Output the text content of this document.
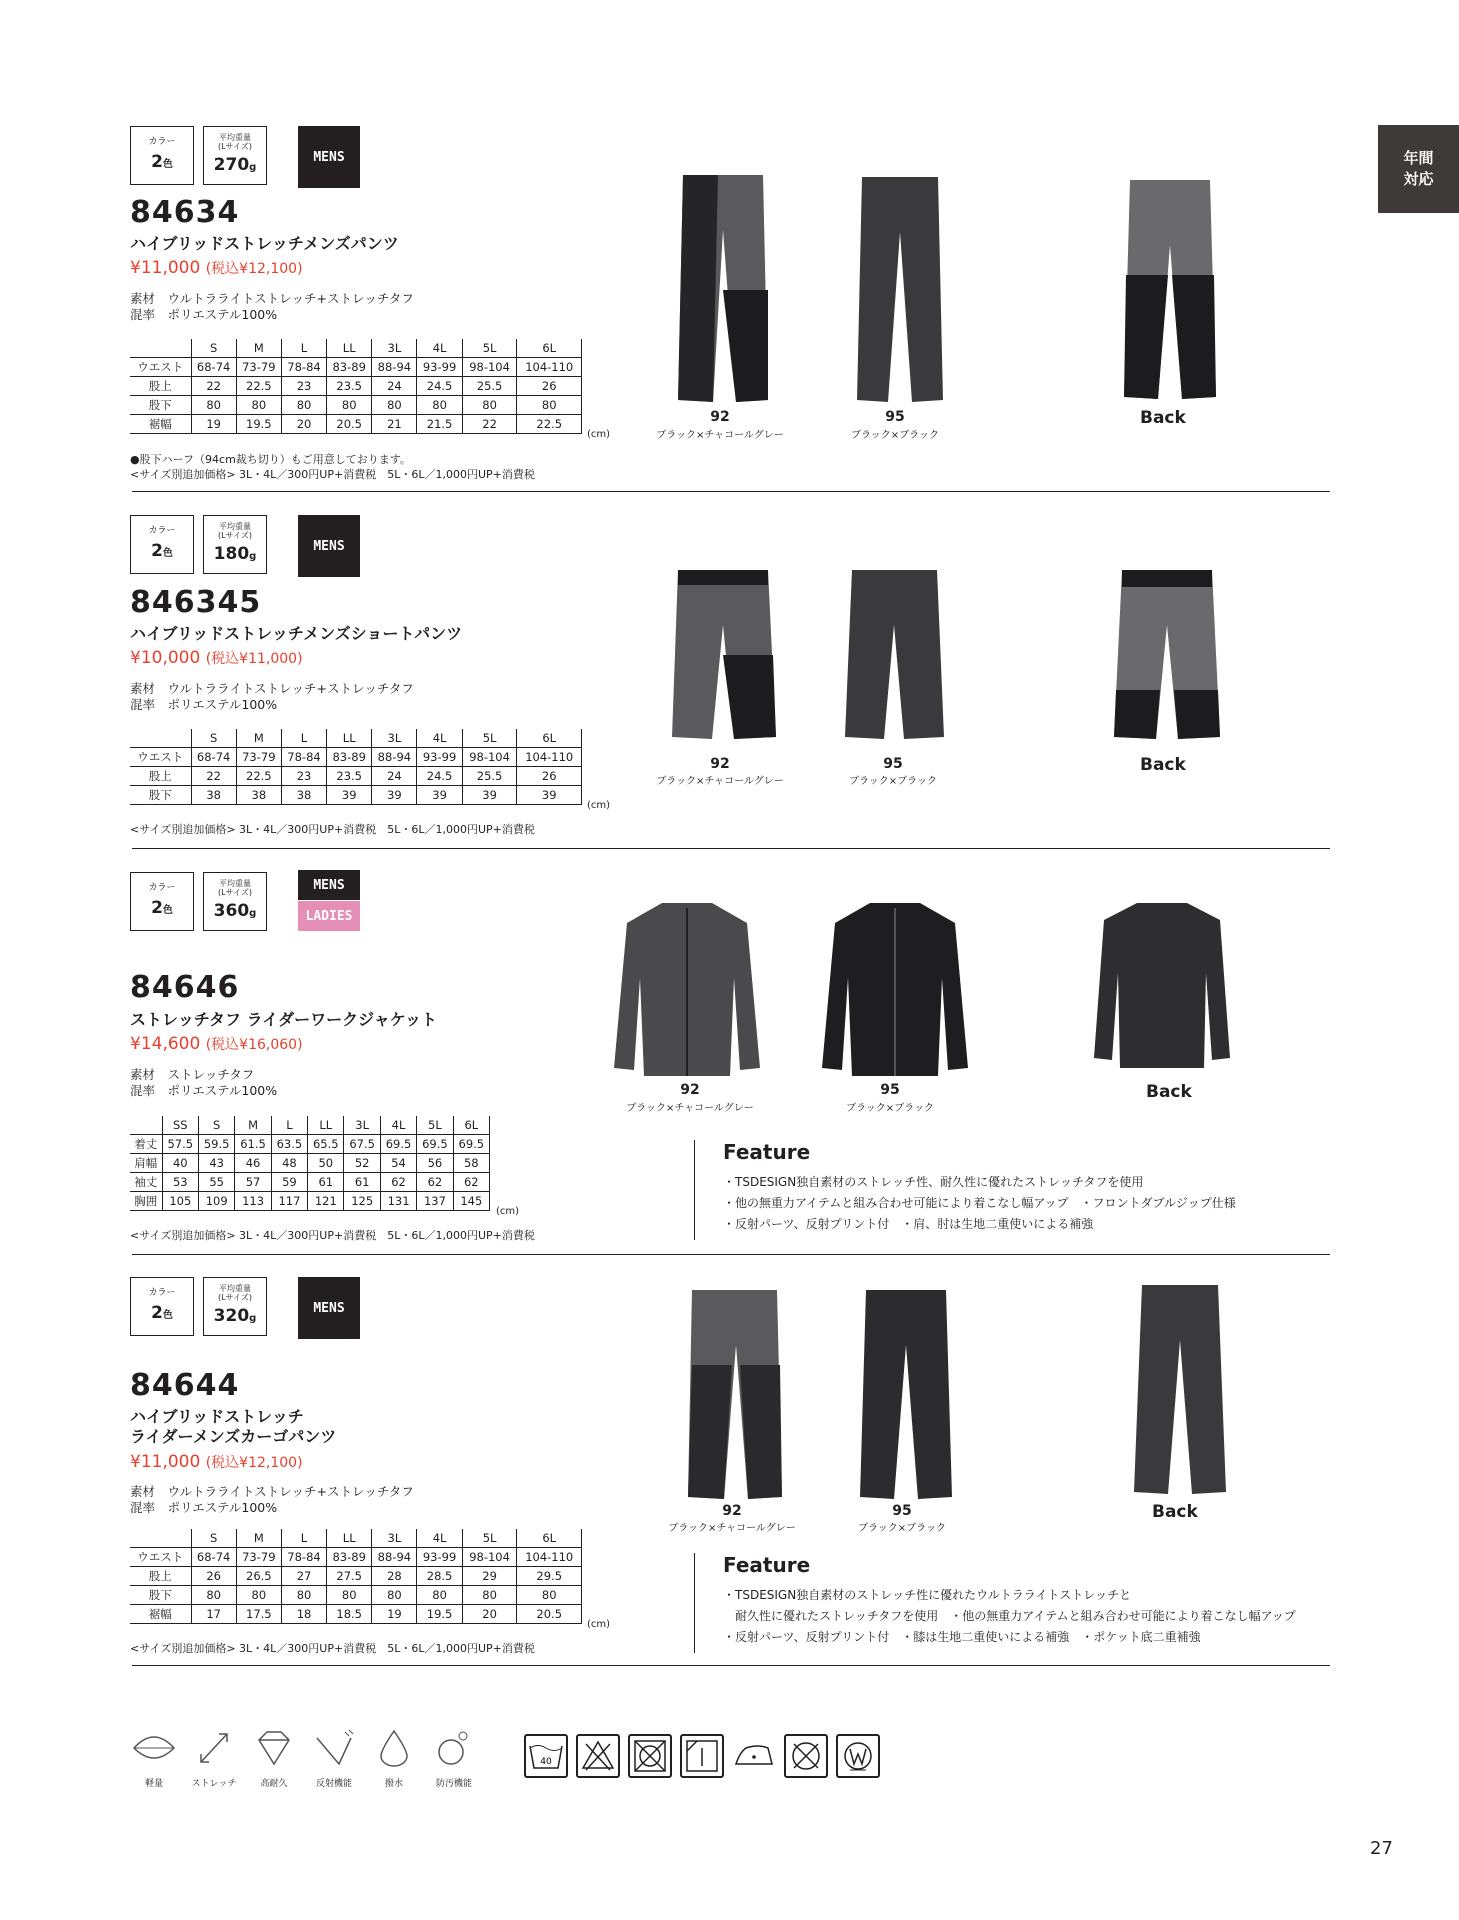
年間
対応
カラー
2色
平均重量
(Lサイズ)
270g
MENS
84634
ハイブリッドストレッチメンズパンツ
¥11,000 (税込¥12,100)
素材　 ウルトラライトストレッチ+ストレッチタフ
混率　 ポリエステル100%
	S	M	L	LL	3L	4L	5L	6L
ウエスト	68-74	73-79	78-84	83-89	88-94	93-99	98-104	104-110
股上	22	22.5	23	23.5	24	24.5	25.5	26
股下	80	80	80	80	80	80	80	80
裾幅	19	19.5	20	20.5	21	21.5	22	22.5
(cm)
●股下ハーフ（94cm裁ち切り）もご用意しております。
<サイズ別追加価格> 3L・4L／300円UP+消費税　5L・6L／1,000円UP+消費税
92
ブラック×チャコールグレー
95
ブラック×ブラック
Back
カラー
2色
平均重量
(Lサイズ)
180g
MENS
846345
ハイブリッドストレッチメンズショートパンツ
¥10,000 (税込¥11,000)
素材　 ウルトラライトストレッチ+ストレッチタフ
混率　 ポリエステル100%
	S	M	L	LL	3L	4L	5L	6L
ウエスト	68-74	73-79	78-84	83-89	88-94	93-99	98-104	104-110
股上	22	22.5	23	23.5	24	24.5	25.5	26
股下	38	38	38	39	39	39	39	39
(cm)
<サイズ別追加価格> 3L・4L／300円UP+消費税　5L・6L／1,000円UP+消費税
92
ブラック×チャコールグレー
95
ブラック×ブラック
Back
カラー
2色
平均重量
(Lサイズ)
360g
MENS
LADIES
84646
ストレッチタフ ライダーワークジャケット
¥14,600 (税込¥16,060)
素材　 ストレッチタフ
混率　 ポリエステル100%
	SS	S	M	L	LL	3L	4L	5L	6L
着丈	57.5	59.5	61.5	63.5	65.5	67.5	69.5	69.5	69.5
肩幅	40	43	46	48	50	52	54	56	58
袖丈	53	55	57	59	61	61	62	62	62
胸囲	105	109	113	117	121	125	131	137	145
(cm)
<サイズ別追加価格> 3L・4L／300円UP+消費税　5L・6L／1,000円UP+消費税
92
ブラック×チャコールグレー
95
ブラック×ブラック
Back
Feature
・TSDESIGN独自素材のストレッチ性、耐久性に優れたストレッチタフを使用
・他の無重力アイテムと組み合わせ可能により着こなし幅アップ　・フロントダブルジップ仕様
・反射パーツ、反射プリント付　・肩、肘は生地二重使いによる補強
カラー
2色
平均重量
(Lサイズ)
320g
MENS
84644
ハイブリッドストレッチ
ライダーメンズカーゴパンツ
¥11,000 (税込¥12,100)
素材　 ウルトラライトストレッチ+ストレッチタフ
混率　 ポリエステル100%
	S	M	L	LL	3L	4L	5L	6L
ウエスト	68-74	73-79	78-84	83-89	88-94	93-99	98-104	104-110
股上	26	26.5	27	27.5	28	28.5	29	29.5
股下	80	80	80	80	80	80	80	80
裾幅	17	17.5	18	18.5	19	19.5	20	20.5
(cm)
<サイズ別追加価格> 3L・4L／300円UP+消費税　5L・6L／1,000円UP+消費税
92
ブラック×チャコールグレー
95
ブラック×ブラック
Back
Feature
・TSDESIGN独自素材のストレッチ性に優れたウルトラライトストレッチと
　耐久性に優れたストレッチタフを使用　・他の無重力アイテムと組み合わせ可能により着こなし幅アップ
・反射パーツ、反射プリント付　・膝は生地二重使いによる補強　・ポケット底二重補強
軽量	ストレッチ	高耐久	反射機能	撥水	防汚機能
40
27
